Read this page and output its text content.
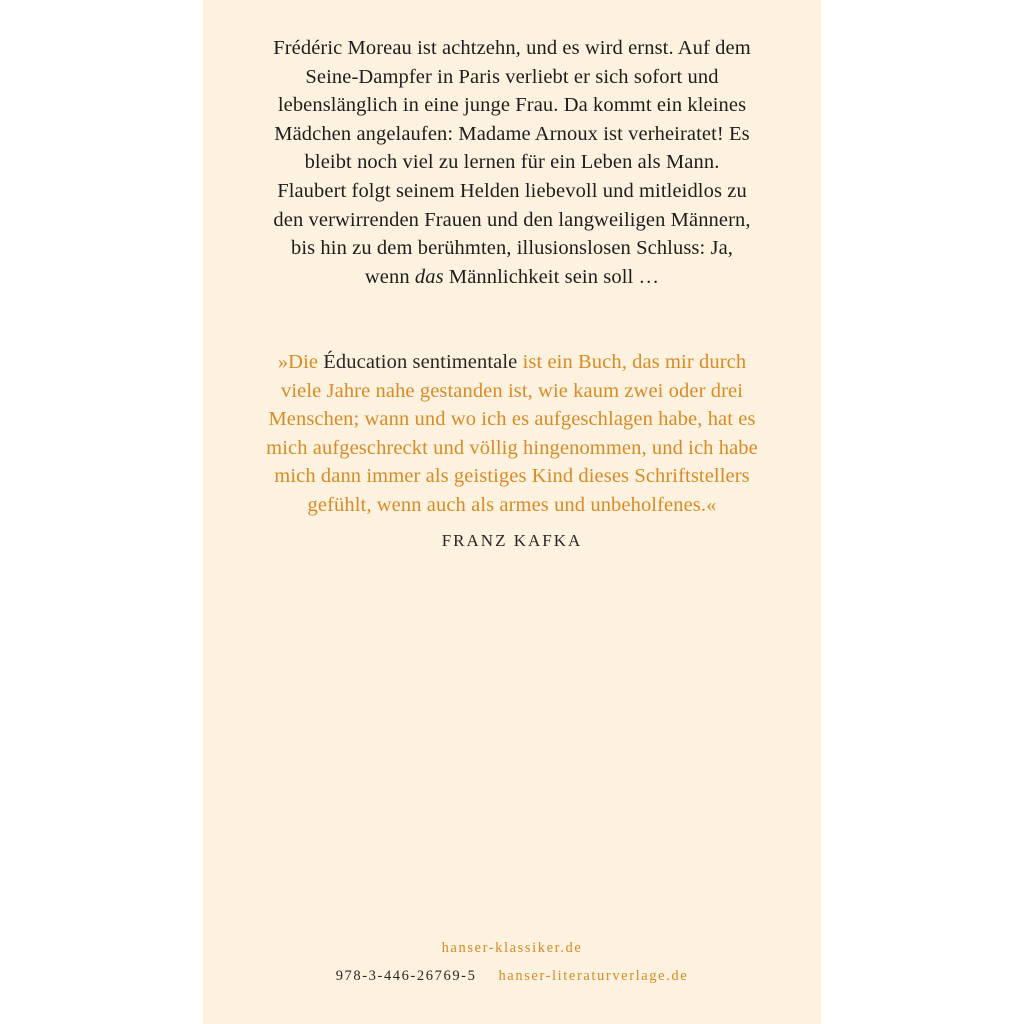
Frédéric Moreau ist achtzehn, und es wird ernst. Auf dem Seine-Dampfer in Paris verliebt er sich sofort und lebenslänglich in eine junge Frau. Da kommt ein kleines Mädchen angelaufen: Madame Arnoux ist verheiratet! Es bleibt noch viel zu lernen für ein Leben als Mann. Flaubert folgt seinem Helden liebevoll und mitleidlos zu den verwirrenden Frauen und den langweiligen Männern, bis hin zu dem berühmten, illusionslosen Schluss: Ja, wenn das Männlichkeit sein soll …
»Die Éducation sentimentale ist ein Buch, das mir durch viele Jahre nahe gestanden ist, wie kaum zwei oder drei Menschen; wann und wo ich es aufgeschlagen habe, hat es mich aufgeschreckt und völlig hingenommen, und ich habe mich dann immer als geistiges Kind dieses Schriftstellers gefühlt, wenn auch als armes und unbeholfenes.«
FRANZ KAFKA
hanser-klassiker.de
978-3-446-26769-5 hanser-literaturverlage.de
